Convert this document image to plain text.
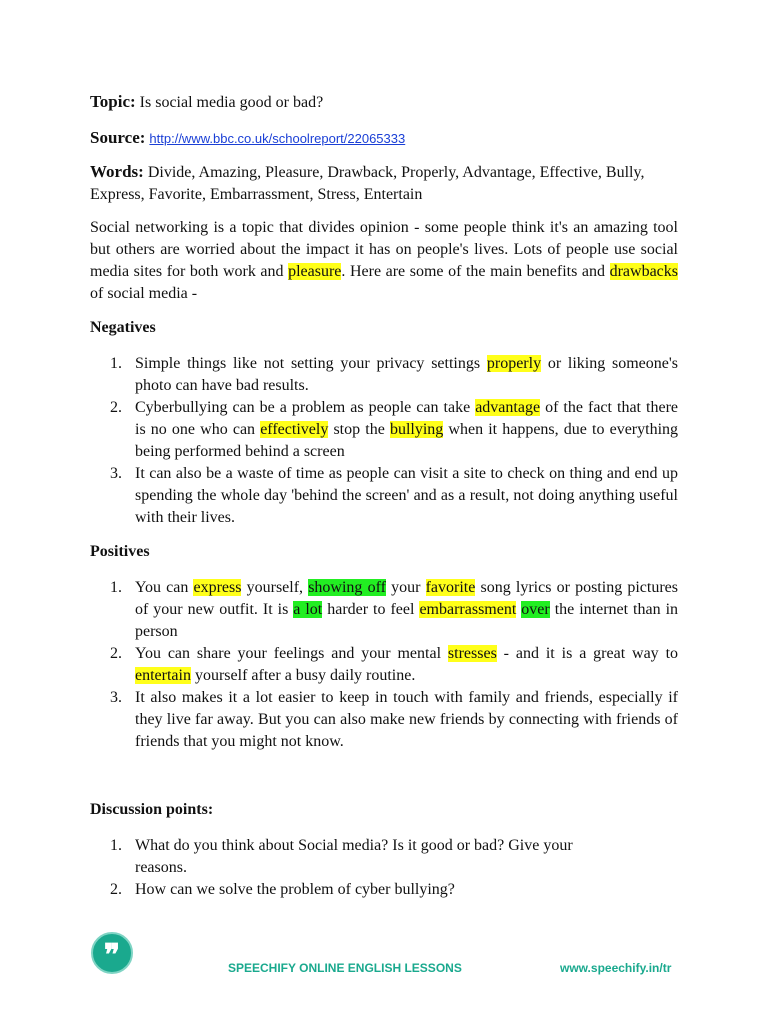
Topic: Is social media good or bad?
Source: http://www.bbc.co.uk/schoolreport/22065333
Words: Divide, Amazing, Pleasure, Drawback, Properly, Advantage, Effective, Bully, Express, Favorite, Embarrassment, Stress, Entertain

Social networking is a topic that divides opinion - some people think it's an amazing tool but others are worried about the impact it has on people's lives. Lots of people use social media sites for both work and pleasure. Here are some of the main benefits and drawbacks of social media -

Negatives
1. Simple things like not setting your privacy settings properly or liking someone's photo can have bad results.
2. Cyberbullying can be a problem as people can take advantage of the fact that there is no one who can effectively stop the bullying when it happens, due to everything being performed behind a screen
3. It can also be a waste of time as people can visit a site to check on thing and end up spending the whole day 'behind the screen' and as a result, not doing anything useful with their lives.
Positives
1. You can express yourself, showing off your favorite song lyrics or posting pictures of your new outfit. It is a lot harder to feel embarrassment over the internet than in person
2. You can share your feelings and your mental stresses - and it is a great way to entertain yourself after a busy daily routine.
3. It also makes it a lot easier to keep in touch with family and friends, especially if they live far away. But you can also make new friends by connecting with friends of friends that you might not know.
Discussion points:
1. What do you think about Social media? Is it good or bad? Give your reasons.
2. How can we solve the problem of cyber bullying?
❞	SPEECHIFY ONLINE ENGLISH LESSONS	www.speechify.in/tr
